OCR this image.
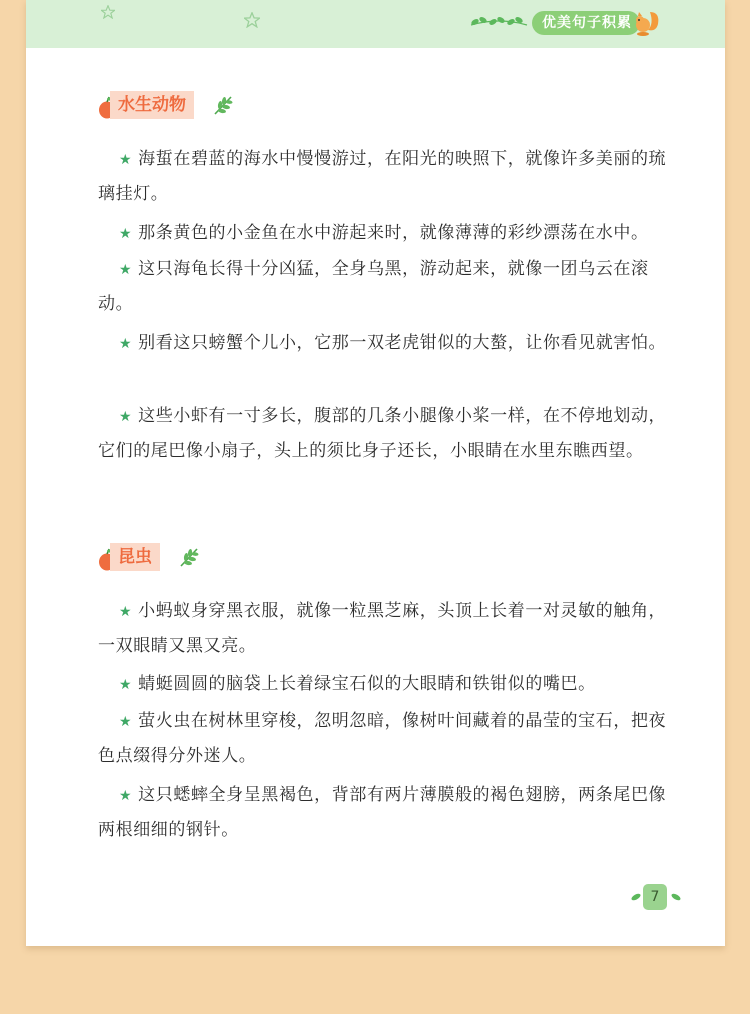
优美句子积累
水生动物
★ 海蜇在碧蓝的海水中慢慢游过，在阳光的映照下，就像许多美丽的琉璃挂灯。
★ 那条黄色的小金鱼在水中游起来时，就像薄薄的彩纱漂荡在水中。
★ 这只海龟长得十分凶猛，全身乌黑，游动起来，就像一团乌云在滚动。
★ 别看这只螃蟹个儿小，它那一双老虎钳似的大螯，让你看见就害怕。
★ 这些小虾有一寸多长，腹部的几条小腿像小桨一样，在不停地划动，它们的尾巴像小扇子，头上的须比身子还长，小眼睛在水里东瞧西望。
昆虫
★ 小蚂蚁身穿黑衣服，就像一粒黑芝麻，头顶上长着一对灵敏的触角，一双眼睛又黑又亮。
★ 蜻蜓圆圆的脑袋上长着绿宝石似的大眼睛和铁钳似的嘴巴。
★ 萤火虫在树林里穿梭，忽明忽暗，像树叶间藏着的晶莹的宝石，把夜色点缀得分外迷人。
★ 这只蟋蟀全身呈黑褐色，背部有两片薄膜般的褐色翅膀，两条尾巴像两根细细的钢针。
7
